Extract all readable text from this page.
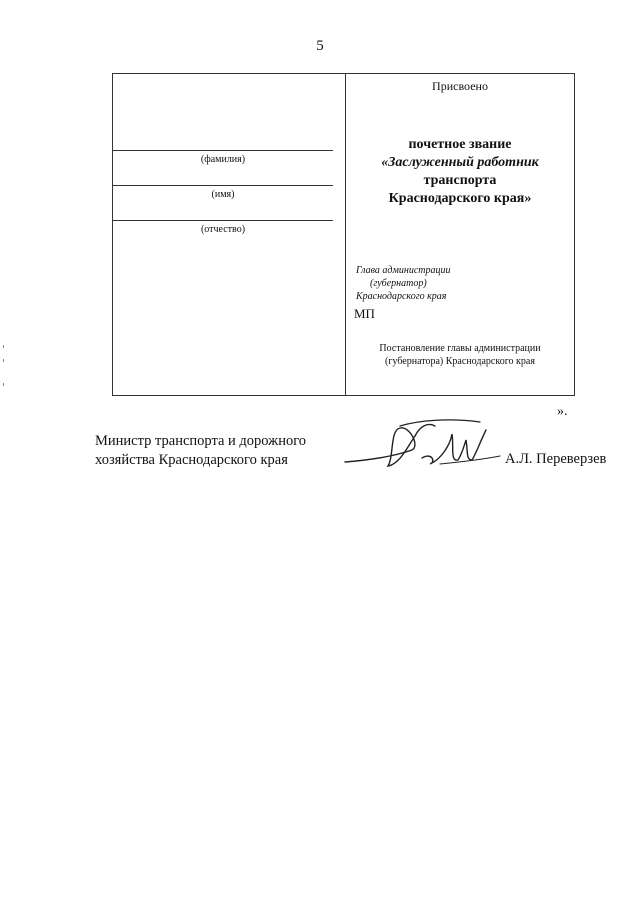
5
(фамилия)
(имя)
(отчество)
Присвоено
почетное звание
«Заслуженный работник
транспорта
Краснодарского края»
Глава администрации
(губернатор)
Краснодарского края
МП
Постановление главы администрации
(губернатора) Краснодарского края
».
Министр транспорта и дорожного
хозяйства Краснодарского края	А.Л. Переверзев
